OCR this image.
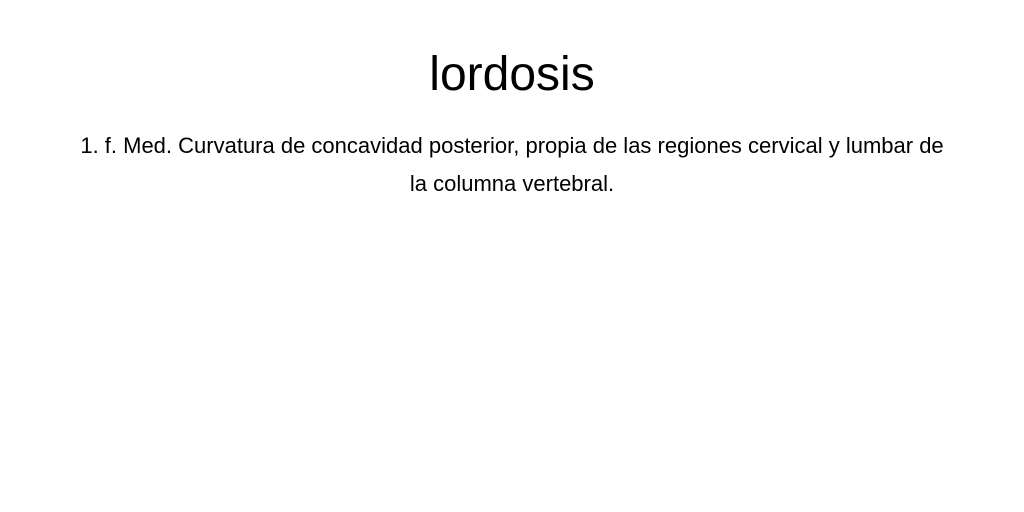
lordosis

1. f. Med. Curvatura de concavidad posterior, propia de las regiones cervical y lumbar de la columna vertebral.
